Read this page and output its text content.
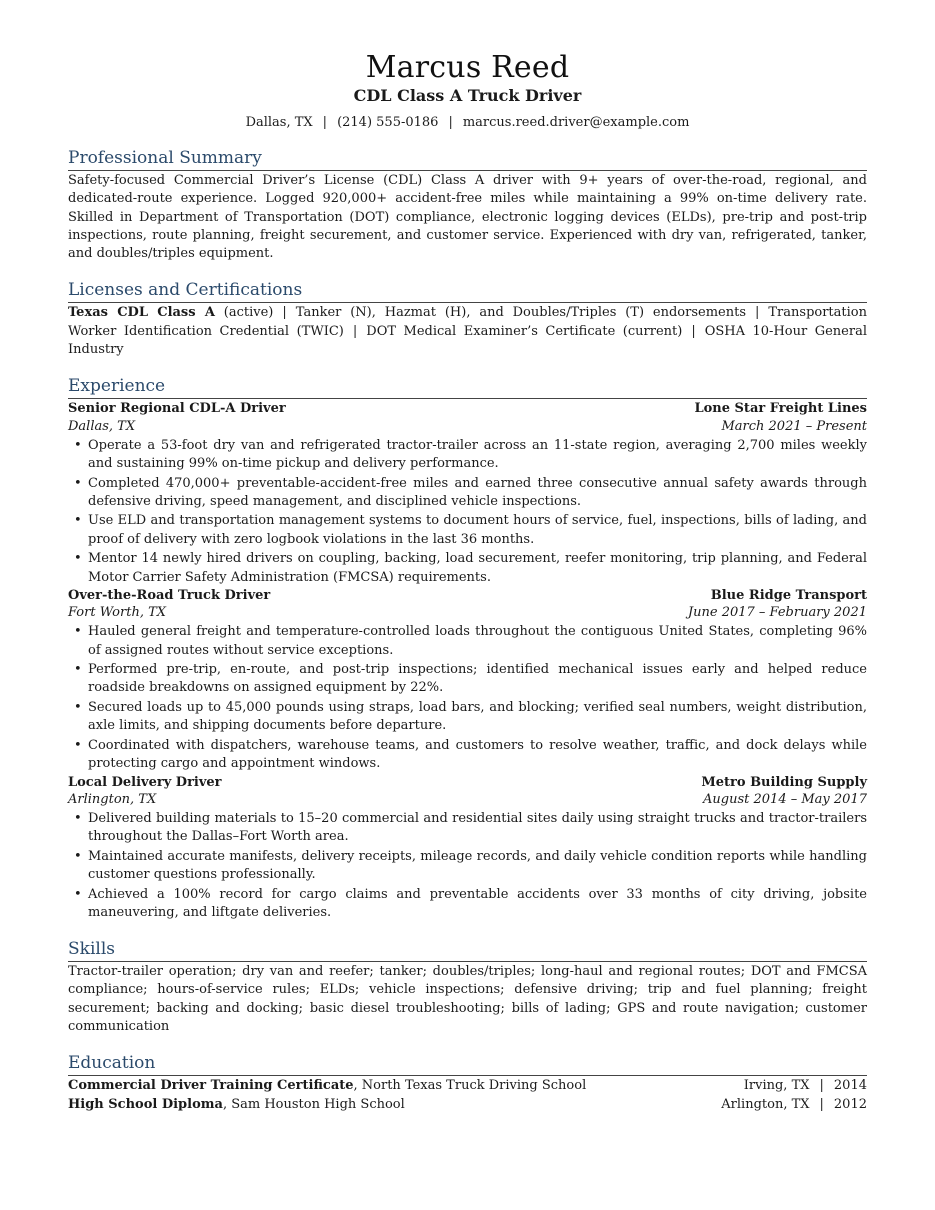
Marcus Reed
CDL Class A Truck Driver
Dallas, TX | (214) 555-0186 | marcus.reed.driver@example.com
Professional Summary
Safety-focused Commercial Driver’s License (CDL) Class A driver with 9+ years of over-the-road, regional, and dedicated-route experience. Logged 920,000+ accident-free miles while maintaining a 99% on-time delivery rate. Skilled in Department of Transportation (DOT) compliance, electronic logging devices (ELDs), pre-trip and post-trip inspections, route planning, freight securement, and customer service. Experienced with dry van, refrigerated, tanker, and doubles/triples equipment.
Licenses and Certifications
Texas CDL Class A (active) | Tanker (N), Hazmat (H), and Doubles/Triples (T) endorsements | Transportation Worker Identification Credential (TWIC) | DOT Medical Examiner’s Certificate (current) | OSHA 10-Hour General Industry
Experience
Senior Regional CDL-A Driver	Lone Star Freight Lines
Dallas, TX	March 2021 – Present
• Operate a 53-foot dry van and refrigerated tractor-trailer across an 11-state region, averaging 2,700 miles weekly and sustaining 99% on-time pickup and delivery performance.
• Completed 470,000+ preventable-accident-free miles and earned three consecutive annual safety awards through defensive driving, speed management, and disciplined vehicle inspections.
• Use ELD and transportation management systems to document hours of service, fuel, inspections, bills of lading, and proof of delivery with zero logbook violations in the last 36 months.
• Mentor 14 newly hired drivers on coupling, backing, load securement, reefer monitoring, trip planning, and Federal Motor Carrier Safety Administration (FMCSA) requirements.
Over-the-Road Truck Driver	Blue Ridge Transport
Fort Worth, TX	June 2017 – February 2021
• Hauled general freight and temperature-controlled loads throughout the contiguous United States, completing 96% of assigned routes without service exceptions.
• Performed pre-trip, en-route, and post-trip inspections; identified mechanical issues early and helped reduce roadside breakdowns on assigned equipment by 22%.
• Secured loads up to 45,000 pounds using straps, load bars, and blocking; verified seal numbers, weight distribution, axle limits, and shipping documents before departure.
• Coordinated with dispatchers, warehouse teams, and customers to resolve weather, traffic, and dock delays while protecting cargo and appointment windows.
Local Delivery Driver	Metro Building Supply
Arlington, TX	August 2014 – May 2017
• Delivered building materials to 15–20 commercial and residential sites daily using straight trucks and tractor-trailers throughout the Dallas–Fort Worth area.
• Maintained accurate manifests, delivery receipts, mileage records, and daily vehicle condition reports while handling customer questions professionally.
• Achieved a 100% record for cargo claims and preventable accidents over 33 months of city driving, jobsite maneuvering, and liftgate deliveries.
Skills
Tractor-trailer operation; dry van and reefer; tanker; doubles/triples; long-haul and regional routes; DOT and FMCSA compliance; hours-of-service rules; ELDs; vehicle inspections; defensive driving; trip and fuel planning; freight securement; backing and docking; basic diesel troubleshooting; bills of lading; GPS and route navigation; customer communication
Education
Commercial Driver Training Certificate, North Texas Truck Driving School	Irving, TX | 2014
High School Diploma, Sam Houston High School	Arlington, TX | 2012
